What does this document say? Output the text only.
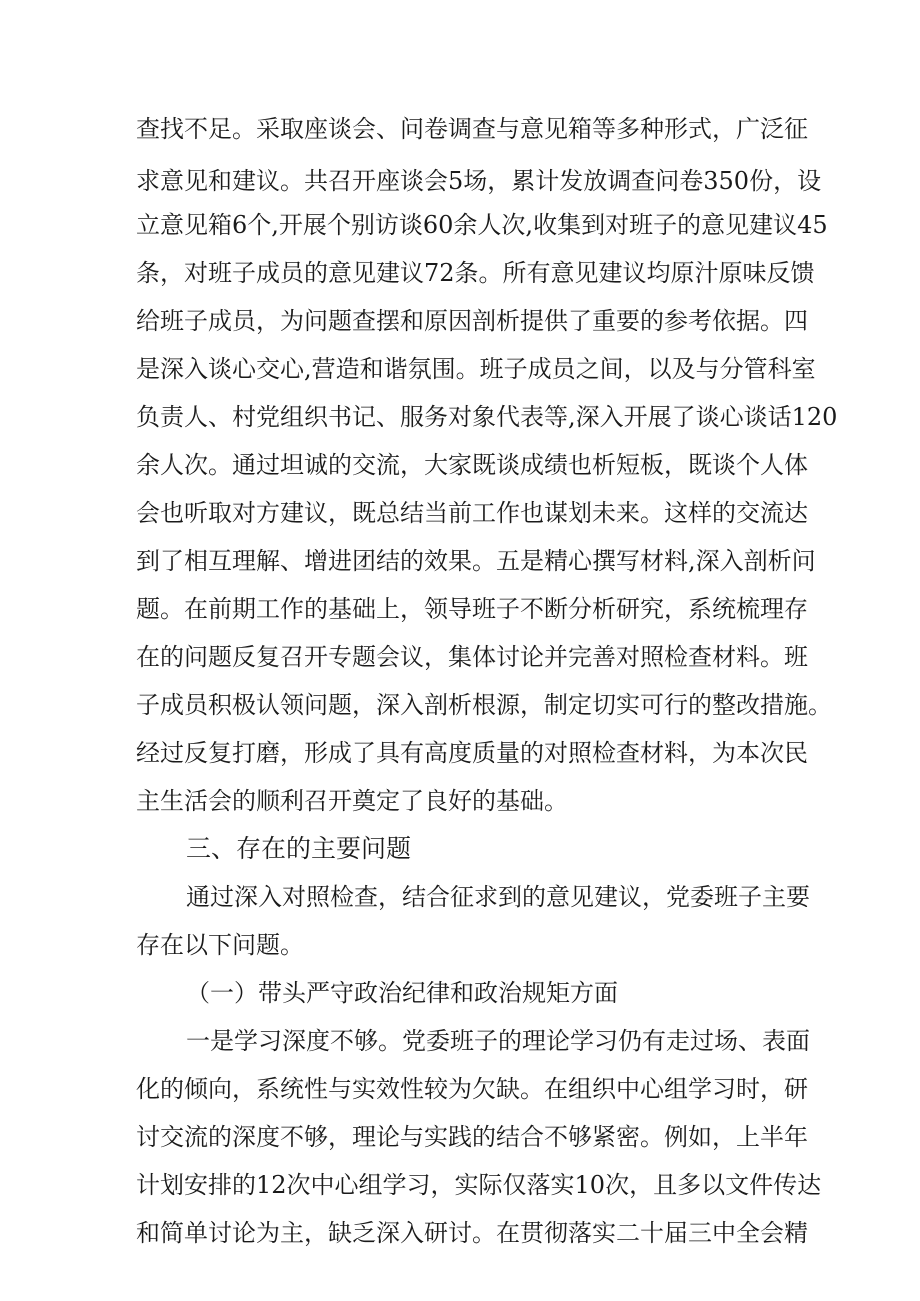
查找不足。采取座谈会、问卷调查与意见箱等多种形式，广泛征
求意见和建议。共召开座谈会5场，累计发放调查问卷350份，设
立意见箱6个,开展个别访谈60余人次,收集到对班子的意见建议45
条，对班子成员的意见建议72条。所有意见建议均原汁原味反馈
给班子成员，为问题查摆和原因剖析提供了重要的参考依据。四
是深入谈心交心,营造和谐氛围。班子成员之间，以及与分管科室
负责人、村党组织书记、服务对象代表等,深入开展了谈心谈话120
余人次。通过坦诚的交流，大家既谈成绩也析短板，既谈个人体
会也听取对方建议，既总结当前工作也谋划未来。这样的交流达
到了相互理解、增进团结的效果。五是精心撰写材料,深入剖析问
题。在前期工作的基础上，领导班子不断分析研究，系统梳理存
在的问题反复召开专题会议，集体讨论并完善对照检查材料。班
子成员积极认领问题，深入剖析根源，制定切实可行的整改措施。
经过反复打磨，形成了具有高度质量的对照检查材料，为本次民
主生活会的顺利召开奠定了良好的基础。
三、存在的主要问题
通过深入对照检查，结合征求到的意见建议，党委班子主要
存在以下问题。
（一）带头严守政治纪律和政治规矩方面
一是学习深度不够。党委班子的理论学习仍有走过场、表面
化的倾向，系统性与实效性较为欠缺。在组织中心组学习时，研
讨交流的深度不够，理论与实践的结合不够紧密。例如，上半年
计划安排的12次中心组学习，实际仅落实10次，且多以文件传达
和简单讨论为主，缺乏深入研讨。在贯彻落实二十届三中全会精
